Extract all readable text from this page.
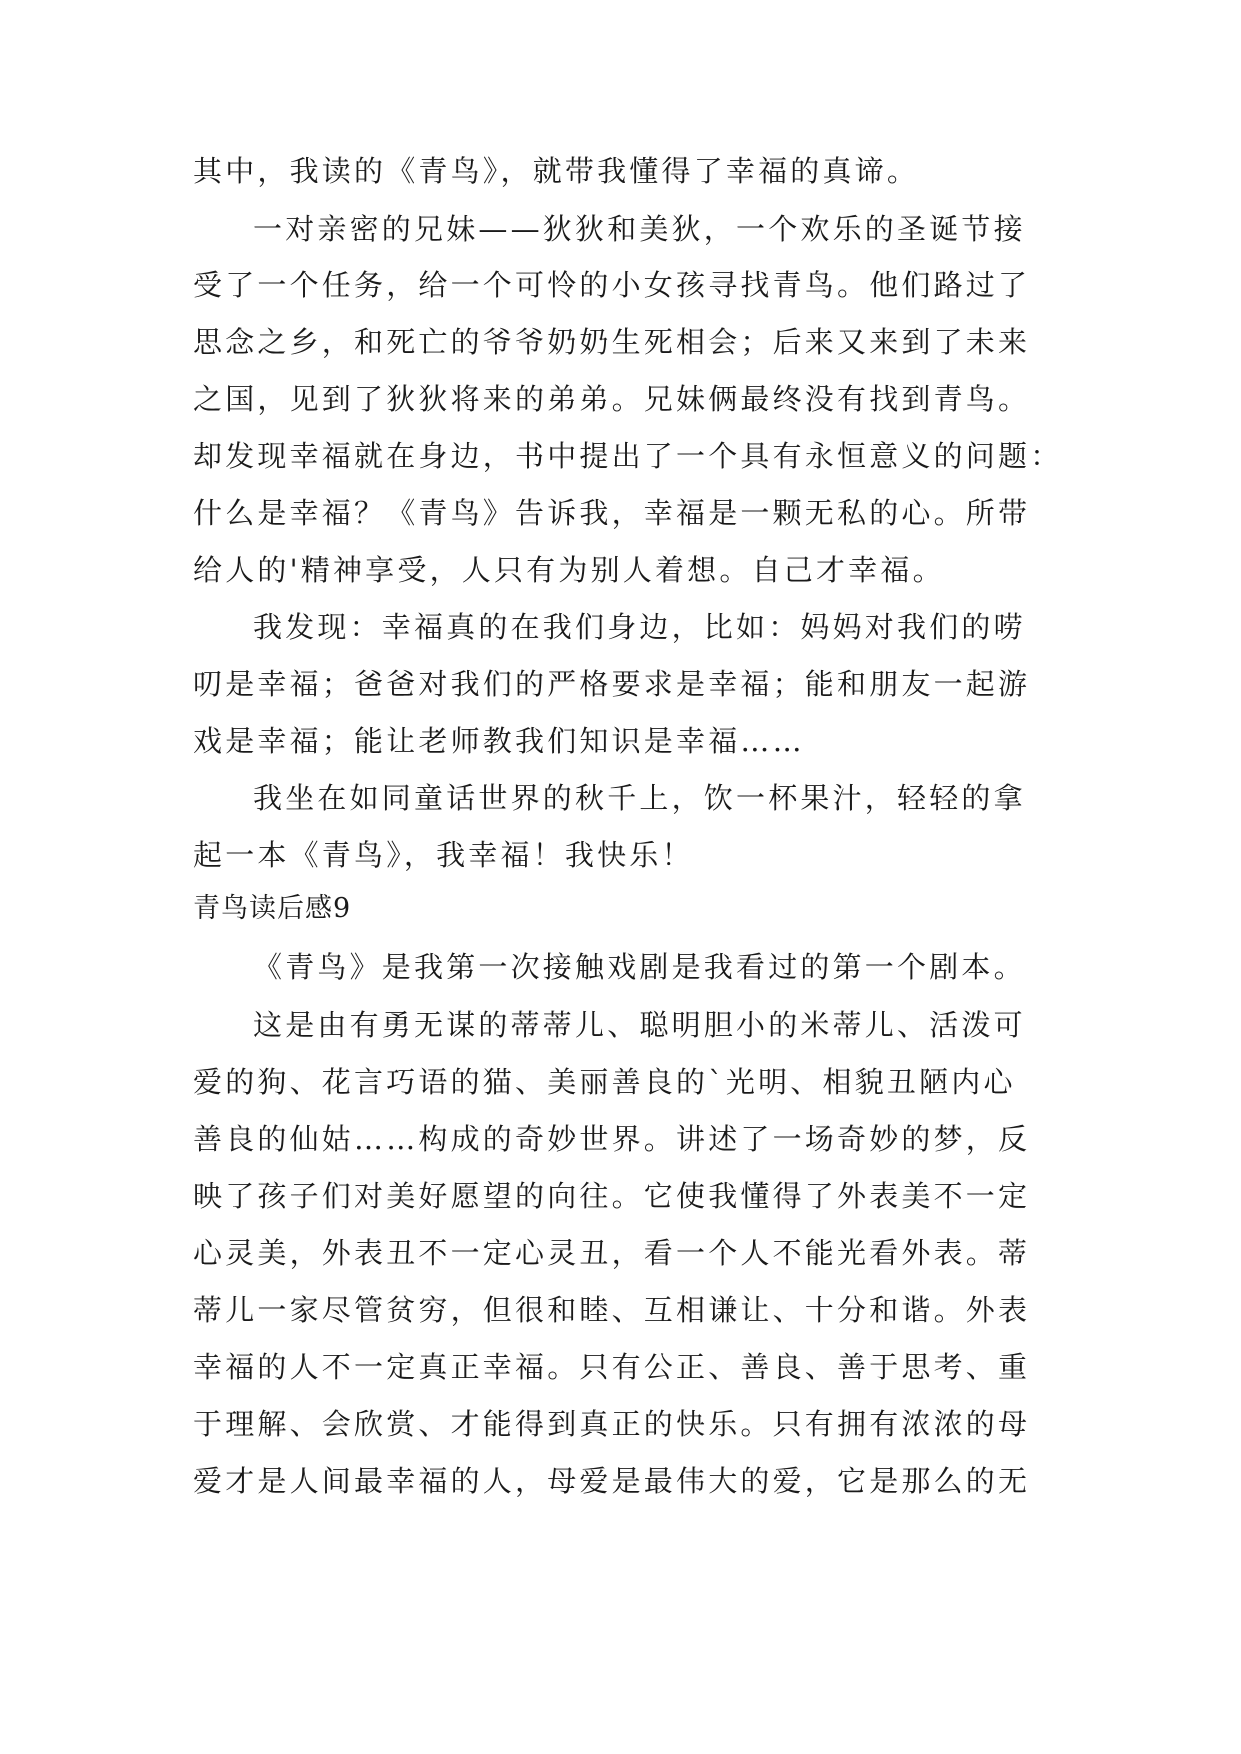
其中，我读的《青鸟》，就带我懂得了幸福的真谛。
一对亲密的兄妹——狄狄和美狄，一个欢乐的圣诞节接
受了一个任务，给一个可怜的小女孩寻找青鸟。他们路过了
思念之乡，和死亡的爷爷奶奶生死相会；后来又来到了未来
之国，见到了狄狄将来的弟弟。兄妹俩最终没有找到青鸟。
却发现幸福就在身边，书中提出了一个具有永恒意义的问题：
什么是幸福？《青鸟》告诉我，幸福是一颗无私的心。所带
给人的'精神享受，人只有为别人着想。自己才幸福。
我发现：幸福真的在我们身边，比如：妈妈对我们的唠
叨是幸福；爸爸对我们的严格要求是幸福；能和朋友一起游
戏是幸福；能让老师教我们知识是幸福……
我坐在如同童话世界的秋千上，饮一杯果汁，轻轻的拿
起一本《青鸟》，我幸福！我快乐！
青鸟读后感9
《青鸟》是我第一次接触戏剧是我看过的第一个剧本。
这是由有勇无谋的蒂蒂儿、聪明胆小的米蒂儿、活泼可
爱的狗、花言巧语的猫、美丽善良的`光明、相貌丑陋内心
善良的仙姑……构成的奇妙世界。讲述了一场奇妙的梦，反
映了孩子们对美好愿望的向往。它使我懂得了外表美不一定
心灵美，外表丑不一定心灵丑，看一个人不能光看外表。蒂
蒂儿一家尽管贫穷，但很和睦、互相谦让、十分和谐。外表
幸福的人不一定真正幸福。只有公正、善良、善于思考、重
于理解、会欣赏、才能得到真正的快乐。只有拥有浓浓的母
爱才是人间最幸福的人，母爱是最伟大的爱，它是那么的无
